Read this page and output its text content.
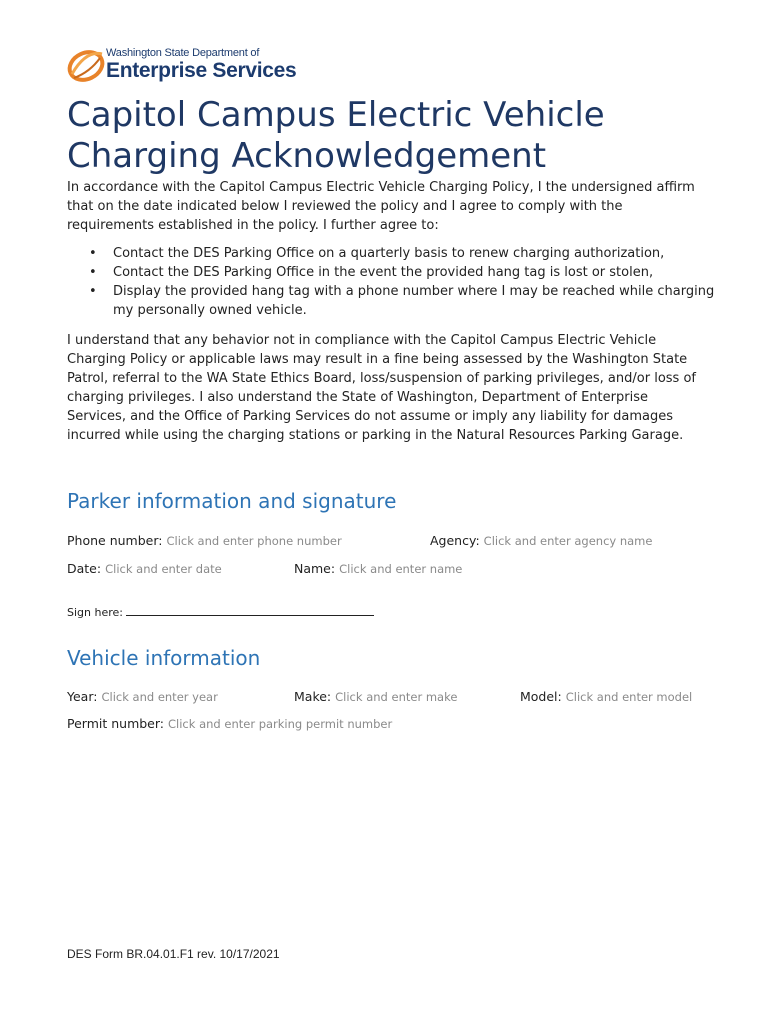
Washington State Department of
Enterprise Services
Capitol Campus Electric Vehicle Charging Acknowledgement

In accordance with the Capitol Campus Electric Vehicle Charging Policy, I the undersigned affirm that on the date indicated below I reviewed the policy and I agree to comply with the requirements established in the policy. I further agree to:

• Contact the DES Parking Office on a quarterly basis to renew charging authorization,
• Contact the DES Parking Office in the event the provided hang tag is lost or stolen,
• Display the provided hang tag with a phone number where I may be reached while charging my personally owned vehicle.

I understand that any behavior not in compliance with the Capitol Campus Electric Vehicle Charging Policy or applicable laws may result in a fine being assessed by the Washington State Patrol, referral to the WA State Ethics Board, loss/suspension of parking privileges, and/or loss of charging privileges. I also understand the State of Washington, Department of Enterprise Services, and the Office of Parking Services do not assume or imply any liability for damages incurred while using the charging stations or parking in the Natural Resources Parking Garage.

Parker information and signature
Phone number: Click and enter phone number	Agency: Click and enter agency name
Date: Click and enter date	Name: Click and enter name
Sign here:
Vehicle information
Year: Click and enter year	Make: Click and enter make	Model: Click and enter model
Permit number: Click and enter parking permit number
DES Form BR.04.01.F1 rev. 10/17/2021
